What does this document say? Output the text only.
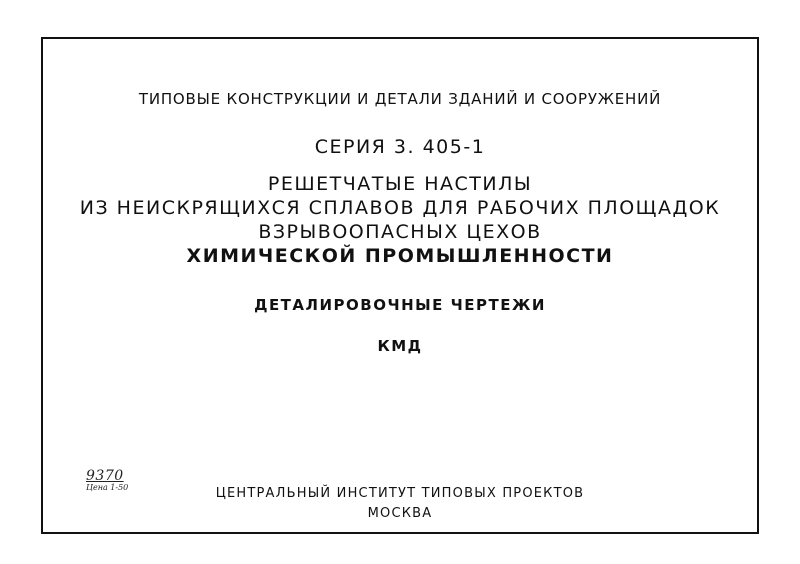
ТИПОВЫЕ КОНСТРУКЦИИ И ДЕТАЛИ ЗДАНИЙ И СООРУЖЕНИЙ
СЕРИЯ 3. 405-1
РЕШЕТЧАТЫЕ НАСТИЛЫ
ИЗ НЕИСКРЯЩИХСЯ СПЛАВОВ ДЛЯ РАБОЧИХ ПЛОЩАДОК
ВЗРЫВООПАСНЫХ ЦЕХОВ
ХИМИЧЕСКОЙ ПРОМЫШЛЕННОСТИ
ДЕТАЛИРОВОЧНЫЕ ЧЕРТЕЖИ
КМД
9370
Цена 1-50	ЦЕНТРАЛЬНЫЙ ИНСТИТУТ ТИПОВЫХ ПРОЕКТОВ
МОСКВА
